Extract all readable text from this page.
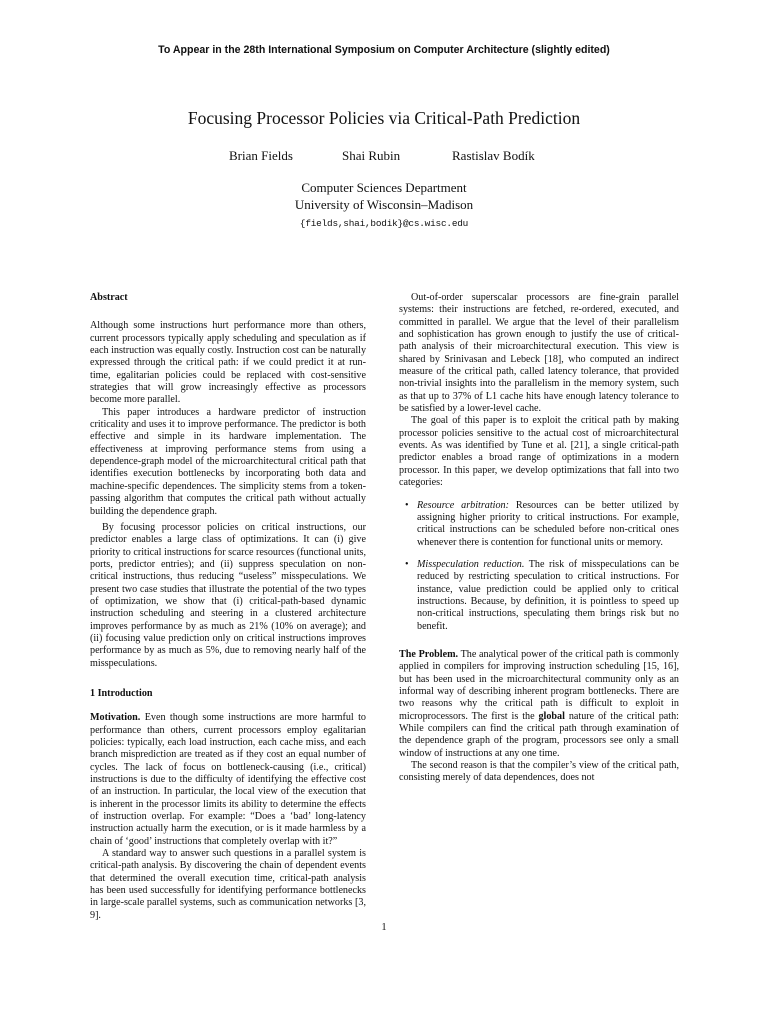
To Appear in the 28th International Symposium on Computer Architecture (slightly edited)
Focusing Processor Policies via Critical-Path Prediction
Brian Fields	Shai Rubin	Rastislav Bodík
Computer Sciences Department
University of Wisconsin–Madison
{fields,shai,bodik}@cs.wisc.edu
Abstract

Although some instructions hurt performance more than others, current processors typically apply scheduling and speculation as if each instruction was equally costly. Instruction cost can be naturally expressed through the critical path: if we could predict it at run-time, egalitarian policies could be replaced with cost-sensitive strategies that will grow increasingly effective as processors become more parallel.

This paper introduces a hardware predictor of instruction criticality and uses it to improve performance. The predictor is both effective and simple in its hardware implementation. The effectiveness at improving performance stems from using a dependence-graph model of the microarchitectural critical path that identifies execution bottlenecks by incorporating both data and machine-specific dependences. The simplicity stems from a token-passing algorithm that computes the critical path without actually building the dependence graph.

By focusing processor policies on critical instructions, our predictor enables a large class of optimizations. It can (i) give priority to critical instructions for scarce resources (functional units, ports, predictor entries); and (ii) suppress speculation on non-critical instructions, thus reducing “useless” misspeculations. We present two case studies that illustrate the potential of the two types of optimization, we show that (i) critical-path-based dynamic instruction scheduling and steering in a clustered architecture improves performance by as much as 21% (10% on average); and (ii) focusing value prediction only on critical instructions improves performance by as much as 5%, due to removing nearly half of the misspeculations.

1 Introduction

Motivation. Even though some instructions are more harmful to performance than others, current processors employ egalitarian policies: typically, each load instruction, each cache miss, and each branch misprediction are treated as if they cost an equal number of cycles. The lack of focus on bottleneck-causing (i.e., critical) instructions is due to the difficulty of identifying the effective cost of an instruction. In particular, the local view of the execution that is inherent in the processor limits its ability to determine the effects of instruction overlap. For example: “Does a ‘bad’ long-latency instruction actually harm the execution, or is it made harmless by a chain of ‘good’ instructions that completely overlap with it?”

A standard way to answer such questions in a parallel system is critical-path analysis. By discovering the chain of dependent events that determined the overall execution time, critical-path analysis has been used successfully for identifying performance bottlenecks in large-scale parallel systems, such as communication networks [3, 9].

Out-of-order superscalar processors are fine-grain parallel systems: their instructions are fetched, re-ordered, executed, and committed in parallel. We argue that the level of their parallelism and sophistication has grown enough to justify the use of critical-path analysis of their microarchitectural execution. This view is shared by Srinivasan and Lebeck [18], who computed an indirect measure of the critical path, called latency tolerance, that provided non-trivial insights into the parallelism in the memory system, such as that up to 37% of L1 cache hits have enough latency tolerance to be satisfied by a lower-level cache.

The goal of this paper is to exploit the critical path by making processor policies sensitive to the actual cost of microarchitectural events. As was identified by Tune et al. [21], a single critical-path predictor enables a broad range of optimizations in a modern processor. In this paper, we develop optimizations that fall into two categories:

• Resource arbitration: Resources can be better utilized by assigning higher priority to critical instructions. For example, critical instructions can be scheduled before non-critical ones whenever there is contention for functional units or memory.
• Misspeculation reduction. The risk of misspeculations can be reduced by restricting speculation to critical instructions. For instance, value prediction could be applied only to critical instructions. Because, by definition, it is pointless to speed up non-critical instructions, speculating them brings risk but no benefit.

The Problem. The analytical power of the critical path is commonly applied in compilers for improving instruction scheduling [15, 16], but has been used in the microarchitectural community only as an informal way of describing inherent program bottlenecks. There are two reasons why the critical path is difficult to exploit in microprocessors. The first is the global nature of the critical path: While compilers can find the critical path through examination of the dependence graph of the program, processors see only a small window of instructions at any one time.

The second reason is that the compiler’s view of the critical path, consisting merely of data dependences, does not

1
